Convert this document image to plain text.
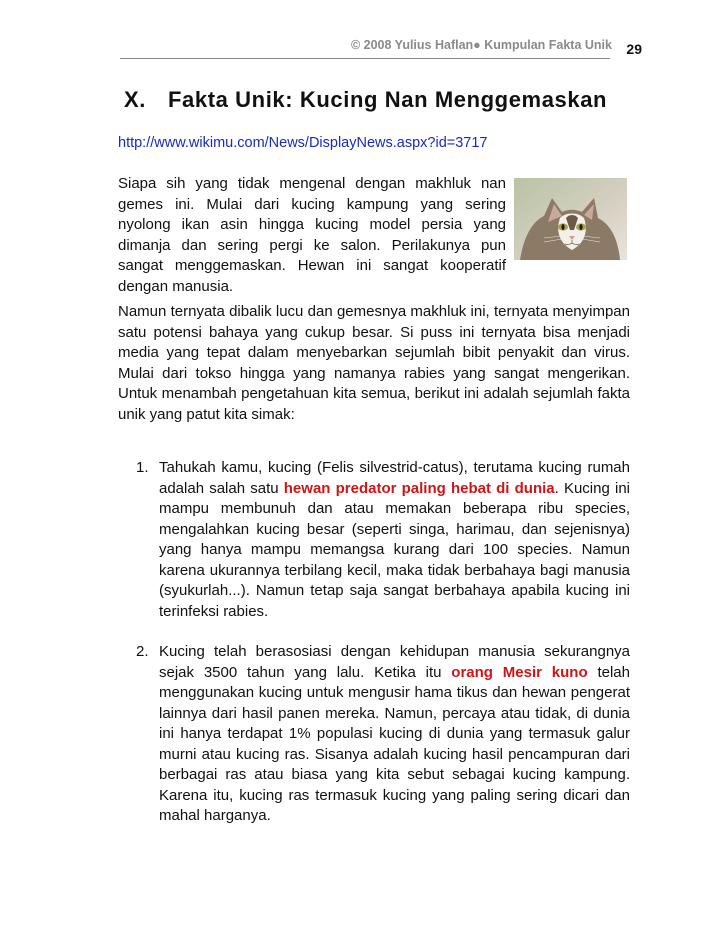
© 2008 Yulius Haflan● Kumpulan Fakta Unik 29
X. Fakta Unik: Kucing Nan Menggemaskan
http://www.wikimu.com/News/DisplayNews.aspx?id=3717
Siapa sih yang tidak mengenal dengan makhluk nan gemes ini. Mulai dari kucing kampung yang sering nyolong ikan asin hingga kucing model persia yang dimanja dan sering pergi ke salon. Perilakunya pun sangat menggemaskan. Hewan ini sangat kooperatif dengan manusia.
Namun ternyata dibalik lucu dan gemesnya makhluk ini, ternyata menyimpan satu potensi bahaya yang cukup besar. Si puss ini ternyata bisa menjadi media yang tepat dalam menyebarkan sejumlah bibit penyakit dan virus. Mulai dari tokso hingga yang namanya rabies yang sangat mengerikan. Untuk menambah pengetahuan kita semua, berikut ini adalah sejumlah fakta unik yang patut kita simak:
1. Tahukah kamu, kucing (Felis silvestrid-catus), terutama kucing rumah adalah salah satu hewan predator paling hebat di dunia. Kucing ini mampu membunuh dan atau memakan beberapa ribu species, mengalahkan kucing besar (seperti singa, harimau, dan sejenisnya) yang hanya mampu memangsa kurang dari 100 species. Namun karena ukurannya terbilang kecil, maka tidak berbahaya bagi manusia (syukurlah...). Namun tetap saja sangat berbahaya apabila kucing ini terinfeksi rabies.
2. Kucing telah berasosiasi dengan kehidupan manusia sekurangnya sejak 3500 tahun yang lalu. Ketika itu orang Mesir kuno telah menggunakan kucing untuk mengusir hama tikus dan hewan pengerat lainnya dari hasil panen mereka. Namun, percaya atau tidak, di dunia ini hanya terdapat 1% populasi kucing di dunia yang termasuk galur murni atau kucing ras. Sisanya adalah kucing hasil pencampuran dari berbagai ras atau biasa yang kita sebut sebagai kucing kampung. Karena itu, kucing ras termasuk kucing yang paling sering dicari dan mahal harganya.
